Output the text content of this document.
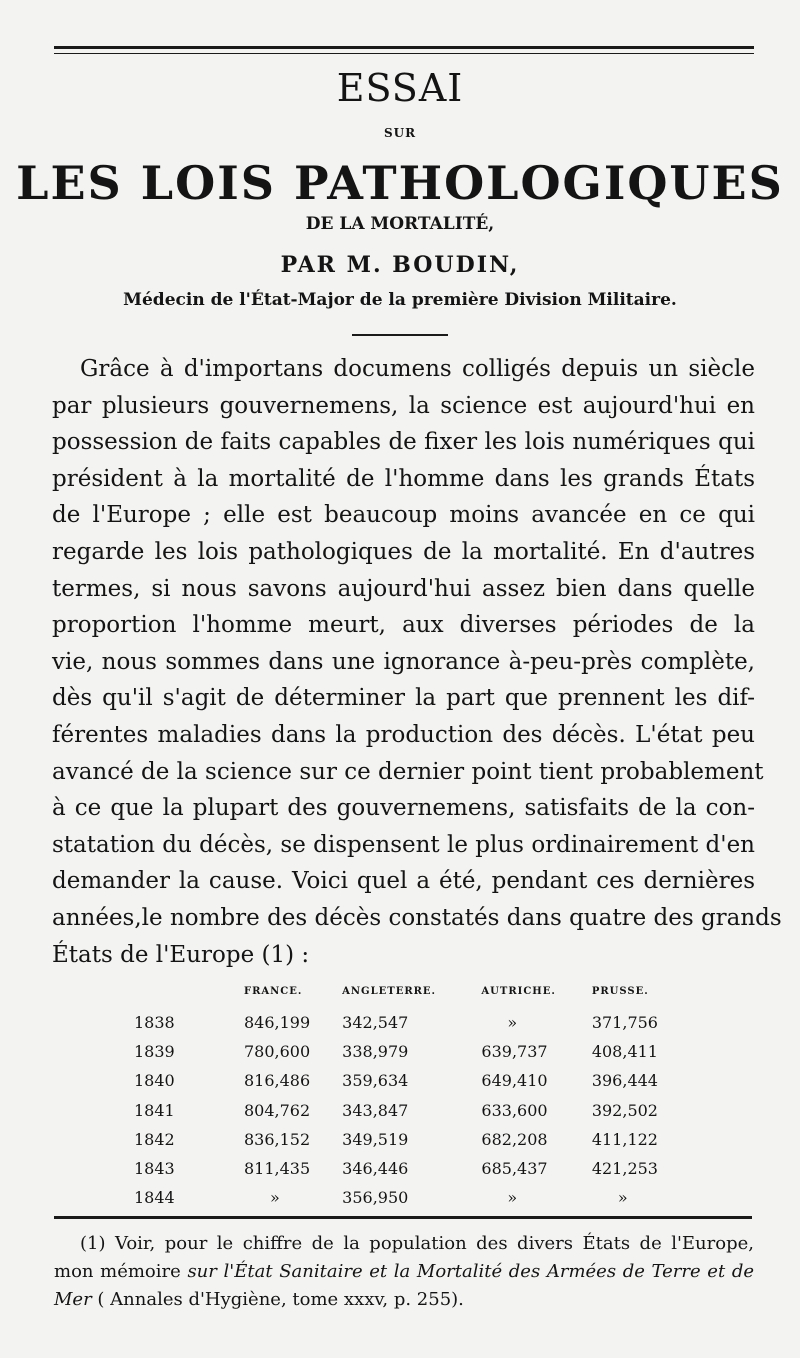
ESSAI
SUR
LES LOIS PATHOLOGIQUES
DE LA MORTALITÉ,
PAR M. BOUDIN,
Médecin de l'État-Major de la première Division Militaire.
Grâce à d'importans documens colligés depuis un siècle
par plusieurs gouvernemens, la science est aujourd'hui en
possession de faits capables de fixer les lois numériques qui
président à la mortalité de l'homme dans les grands États
de l'Europe ; elle est beaucoup moins avancée en ce qui
regarde les lois pathologiques de la mortalité. En d'autres
termes, si nous savons aujourd'hui assez bien dans quelle
proportion l'homme meurt, aux diverses périodes de la
vie, nous sommes dans une ignorance à-peu-près complète,
dès qu'il s'agit de déterminer la part que prennent les dif-
férentes maladies dans la production des décès. L'état peu
avancé de la science sur ce dernier point tient probablement
à ce que la plupart des gouvernemens, satisfaits de la con-
statation du décès, se dispensent le plus ordinairement d'en
demander la cause. Voici quel a été, pendant ces dernières
années,le nombre des décès constatés dans quatre des grands
États de l'Europe (1) :
	FRANCE.	ANGLETERRE.	AUTRICHE.	PRUSSE.
1838	846,199	342,547	»	371,756
1839	780,600	338,979	639,737	408,411
1840	816,486	359,634	649,410	396,444
1841	804,762	343,847	633,600	392,502
1842	836,152	349,519	682,208	411,122
1843	811,435	346,446	685,437	421,253
1844	»	356,950	»	»
(1) Voir, pour le chiffre de la population des divers États de l'Europe,
mon mémoire sur l'État Sanitaire et la Mortalité des Armées de Terre et de
Mer ( Annales d'Hygiène, tome xxxv, p. 255).
